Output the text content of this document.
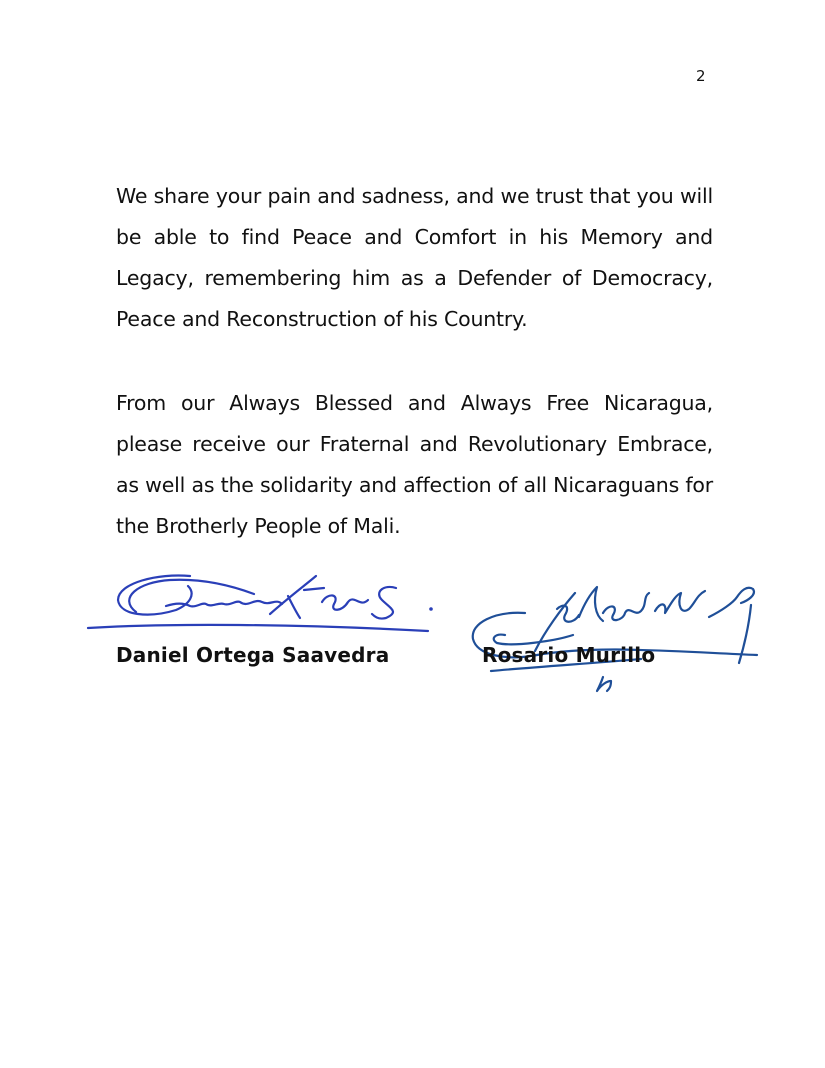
2

We share your pain and sadness, and we trust that you will be able to find Peace and Comfort in his Memory and Legacy, remembering him as a Defender of Democracy, Peace and Reconstruction of his Country.

From our Always Blessed and Always Free Nicaragua, please receive our Fraternal and Revolutionary Embrace, as well as the solidarity and affection of all Nicaraguans for the Brotherly People of Mali.

Daniel Ortega Saavedra	Rosario Murillo
